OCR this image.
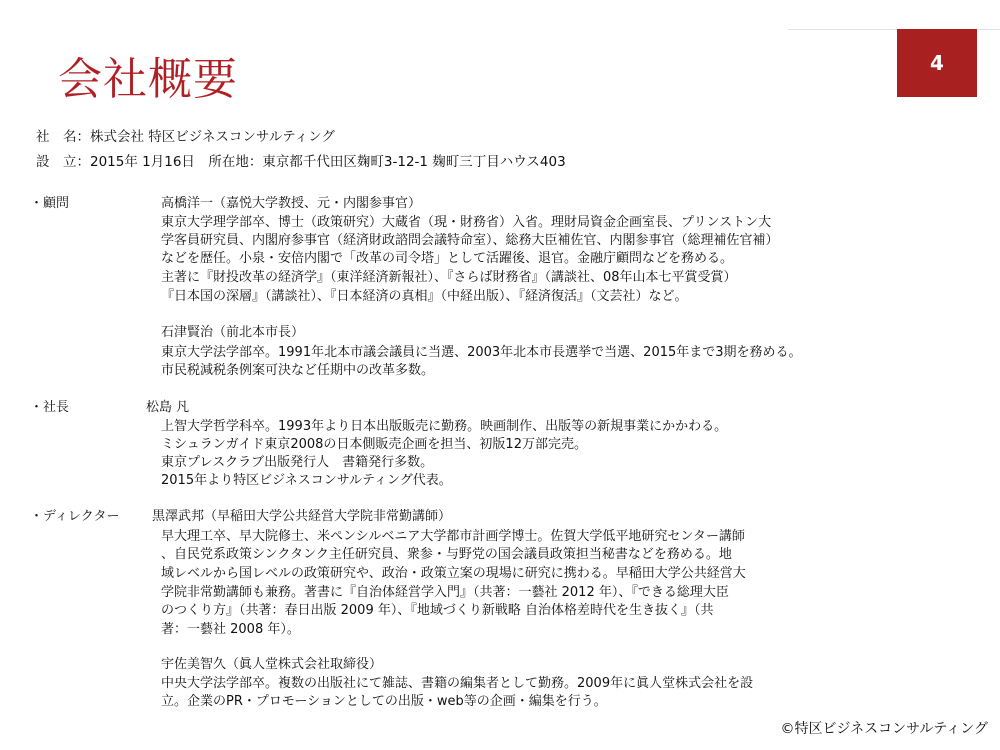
4
会社概要
社　名：株式会社 特区ビジネスコンサルティング
設　立：2015年 1月16日　所在地：東京都千代田区麹町3-12-1 麹町三丁目ハウス403
・顧問	高橋洋一（嘉悦大学教授、元・内閣参事官）
東京大学理学部卒、博士（政策研究）大蔵省（現・財務省）入省。理財局資金企画室長、プリンストン大
学客員研究員、内閣府参事官（経済財政諮問会議特命室）、総務大臣補佐官、内閣参事官（総理補佐官補）
などを歴任。小泉・安倍内閣で「改革の司令塔」として活躍後、退官。金融庁顧問などを務める。
主著に『財投改革の経済学』（東洋経済新報社）、『さらば財務省』（講談社、08年山本七平賞受賞）
『日本国の深層』（講談社）、『日本経済の真相』（中経出版）、『経済復活』（文芸社）など。
石津賢治（前北本市長）
東京大学法学部卒。1991年北本市議会議員に当選、2003年北本市長選挙で当選、2015年まで3期を務める。
市民税減税条例案可決など任期中の改革多数。
・社長	松島 凡
上智大学哲学科卒。1993年より日本出版販売に勤務。映画制作、出版等の新規事業にかかわる。
ミシュランガイド東京2008の日本側販売企画を担当、初版12万部完売。
東京プレスクラブ出版発行人　書籍発行多数。
2015年より特区ビジネスコンサルティング代表。
・ディレクター	黒澤武邦（早稲田大学公共経営大学院非常勤講師）
早大理工卒、早大院修士、米ペンシルベニア大学都市計画学博士。佐賀大学低平地研究センター講師
、自民党系政策シンクタンク主任研究員、衆参・与野党の国会議員政策担当秘書などを務める。地
域レベルから国レベルの政策研究や、政治・政策立案の現場に研究に携わる。早稲田大学公共経営大
学院非常勤講師も兼務。著書に『自治体経営学入門』（共著：一藝社 2012 年）、『できる総理大臣
のつくり方』（共著：春日出版 2009 年）、『地域づくり新戦略 自治体格差時代を生き抜く』（共
著：一藝社 2008 年）。
宇佐美智久（眞人堂株式会社取締役）
中央大学法学部卒。複数の出版社にて雑誌、書籍の編集者として勤務。2009年に眞人堂株式会社を設
立。企業のPR・プロモーションとしての出版・web等の企画・編集を行う。
©特区ビジネスコンサルティング
